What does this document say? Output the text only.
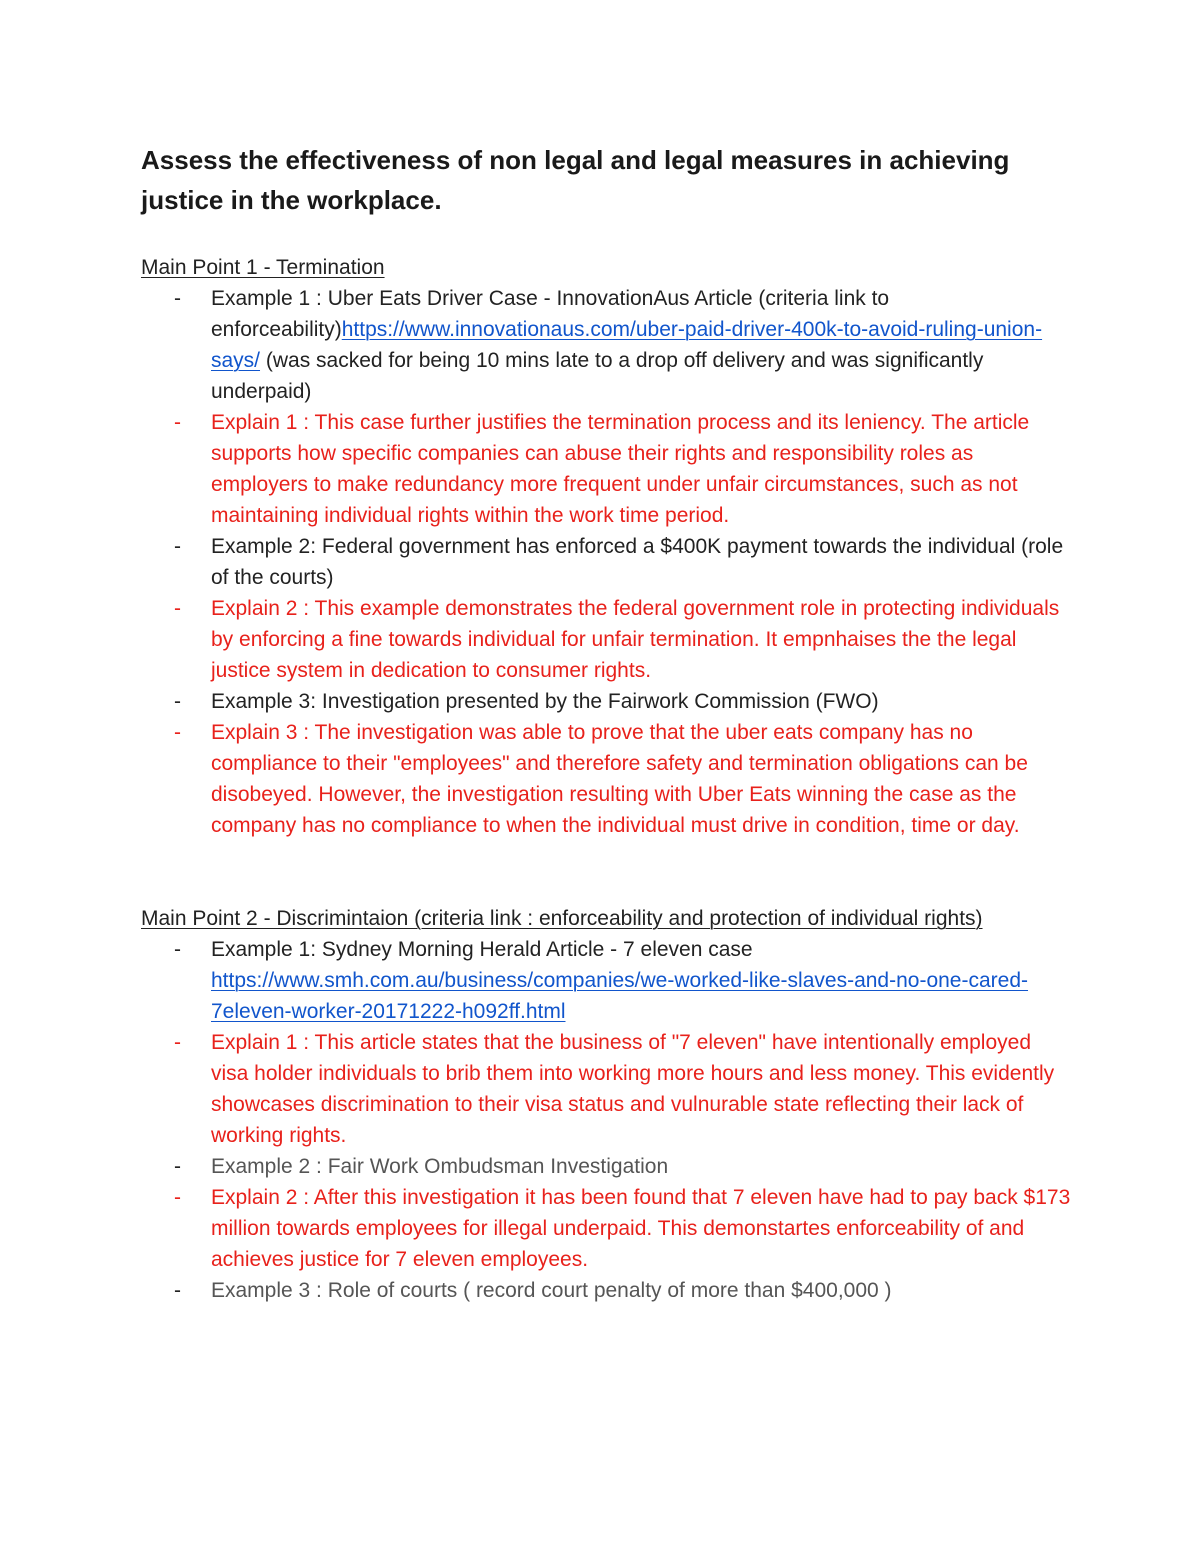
Assess the effectiveness of non legal and legal measures in achieving justice in the workplace.

Main Point 1 - Termination

- Example 1 : Uber Eats Driver Case - InnovationAus Article (criteria link to enforceability)https://www.innovationaus.com/uber-paid-driver-400k-to-avoid-ruling-union-says/ (was sacked for being 10 mins late to a drop off delivery and was significantly underpaid)
- Explain 1 : This case further justifies the termination process and its leniency. The article supports how specific companies can abuse their rights and responsibility roles as employers to make redundancy more frequent under unfair circumstances, such as not maintaining individual rights within the work time period.
- Example 2: Federal government has enforced a $400K payment towards the individual (role of the courts)
- Explain 2 : This example demonstrates the federal government role in protecting individuals by enforcing a fine towards individual for unfair termination. It empnhaises the the legal justice system in dedication to consumer rights.
- Example 3: Investigation presented by the Fairwork Commission (FWO)
- Explain 3 : The investigation was able to prove that the uber eats company has no compliance to their "employees" and therefore safety and termination obligations can be disobeyed. However, the investigation resulting with Uber Eats winning the case as the company has no compliance to when the individual must drive in condition, time or day.

Main Point 2 - Discrimintaion (criteria link : enforceability and protection of individual rights)

- Example 1: Sydney Morning Herald Article - 7 eleven case
https://www.smh.com.au/business/companies/we-worked-like-slaves-and-no-one-cared-7eleven-worker-20171222-h092ff.html
- Explain 1 : This article states that the business of "7 eleven" have intentionally employed visa holder individuals to brib them into working more hours and less money. This evidently showcases discrimination to their visa status and vulnurable state reflecting their lack of working rights.
- Example 2 : Fair Work Ombudsman Investigation
- Explain 2 : After this investigation it has been found that 7 eleven have had to pay back $173 million towards employees for illegal underpaid. This demonstartes enforceability of and achieves justice for 7 eleven employees.
- Example 3 : Role of courts ( record court penalty of more than $400,000 )
